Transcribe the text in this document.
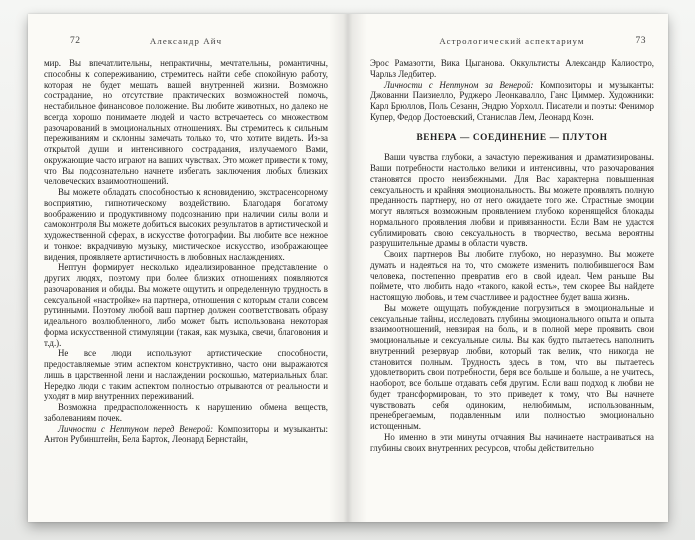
72	Александр Айч

мир. Вы впечатлительны, непрактичны, мечтательны, романтичны, способны к сопереживанию, стремитесь найти себе спокойную работу, которая не будет мешать вашей внутренней жизни. Возможно сострадание, но отсутствие практических возможностей помочь, нестабильное финансовое положение. Вы любите животных, но далеко не всегда хорошо понимаете людей и часто встречаетесь со множеством разочарований в эмоциональных отношениях. Вы стремитесь к сильным переживаниям и склонны замечать только то, что хотите видеть. Из-за открытой души и интенсивного сострадания, излучаемого Вами, окружающие часто играют на ваших чувствах. Это может привести к тому, что Вы подсознательно начнете избегать заключения любых близких человеческих взаимоотношений.

Вы можете обладать способностью к ясновидению, экстрасенсорному восприятию, гипнотическому воздействию. Благодаря богатому воображению и продуктивному подсознанию при наличии силы воли и самоконтроля Вы можете добиться высоких результатов в артистической и художественной сферах, в искусстве фотографии. Вы любите все нежное и тонкое: вкрадчивую музыку, мистическое искусство, изображающее видения, проявляете артистичность в любовных наслаждениях.

Нептун формирует несколько идеализированное представление о других людях, поэтому при более близких отношениях появляются разочарования и обиды. Вы можете ощутить и определенную трудность в сексуальной «настройке» на партнера, отношения с которым стали совсем рутинными. Поэтому любой ваш партнер должен соответствовать образу идеального возлюбленного, либо может быть использована некоторая форма искусственной стимуляции (такая, как музыка, свечи, благовония и т.д.).

Не все люди используют артистические способности, предоставляемые этим аспектом конструктивно, часто они выражаются лишь в царственной лени и наслаждении роскошью, материальных благ. Нередко люди с таким аспектом полностью отрываются от реальности и уходят в мир внутренних переживаний.

Возможна предрасположенность к нарушению обмена веществ, заболеваниям почек.

Личности с Нептуном перед Венерой: Композиторы и музыканты: Антон Рубинштейн, Бела Барток, Леонард Бернстайн,

73
Астрологический аспектариум

Эрос Рамазотти, Вика Цыганова. Оккультисты Александр Калиостро, Чарльз Ледбитер.

Личности с Нептуном за Венерой: Композиторы и музыканты: Джованни Паизиелло, Руджеро Леонкавалло, Ганс Циммер. Художники: Карл Брюллов, Поль Сезанн, Эндрю Уорхолл. Писатели и поэты: Фенимор Купер, Федор Достоевский, Станислав Лем, Леонард Коэн.

ВЕНЕРА — СОЕДИНЕНИЕ — ПЛУТОН

Ваши чувства глубоки, а зачастую переживания и драматизированы. Ваши потребности настолько велики и интенсивны, что разочарования становятся просто неизбежными. Для Вас характерна повышенная сексуальность и крайняя эмоциональность. Вы можете проявлять полную преданность партнеру, но от него ожидаете того же. Страстные эмоции могут являться возможным проявлением глубоко коренящейся блокады нормального проявления любви и привязанности. Если Вам не удастся сублимировать свою сексуальность в творчество, весьма вероятны разрушительные драмы в области чувств.

Своих партнеров Вы любите глубоко, но неразумно. Вы можете думать и надеяться на то, что сможете изменить полюбившегося Вам человека, постепенно превратив его в свой идеал. Чем раньше Вы поймете, что любить надо «такого, какой есть», тем скорее Вы найдете настоящую любовь, и тем счастливее и радостнее будет ваша жизнь.

Вы можете ощущать побуждение погрузиться в эмоциональные и сексуальные тайны, исследовать глубины эмоционального опыта и опыта взаимоотношений, невзирая на боль, и в полной мере проявить свои эмоциональные и сексуальные силы. Вы как будто пытаетесь наполнить внутренний резервуар любви, который так велик, что никогда не становится полным. Трудность здесь в том, что вы пытаетесь удовлетворить свои потребности, беря все больше и больше, а не учитесь, наоборот, все больше отдавать себя другим. Если ваш подход к любви не будет трансформирован, то это приведет к тому, что Вы начнете чувствовать себя одиноким, нелюбимым, использованным, пренебрегаемым, подавленным или полностью эмоционально истощенным.

Но именно в эти минуты отчаяния Вы начинаете настраиваться на глубины своих внутренних ресурсов, чтобы действительно
